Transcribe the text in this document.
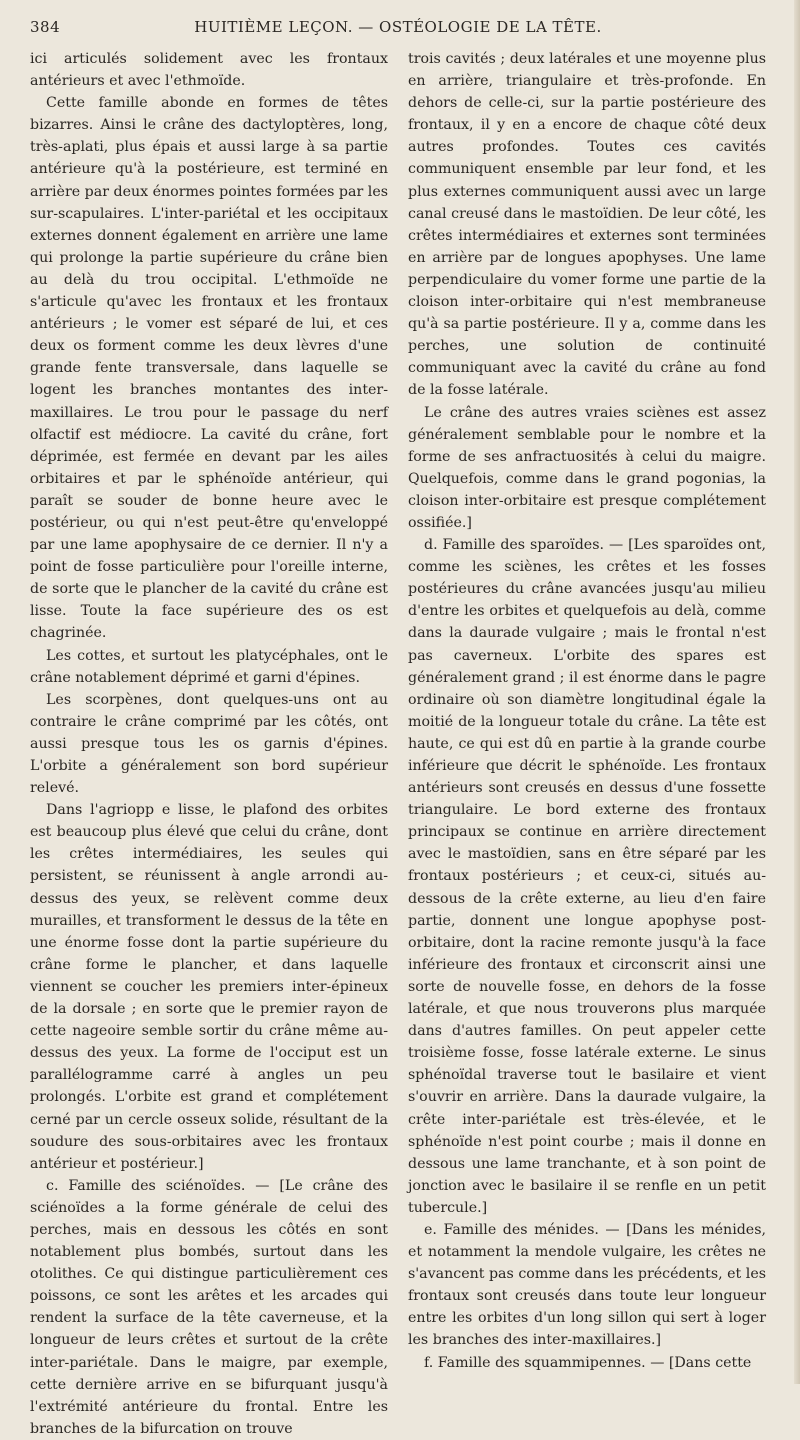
384	HUITIÈME LEÇON. — OSTÉOLOGIE DE LA TÊTE.

ici articulés solidement avec les frontaux antérieurs et avec l'ethmoïde.

Cette famille abonde en formes de têtes bizarres. Ainsi le crâne des dactyloptères, long, très-aplati, plus épais et aussi large à sa partie antérieure qu'à la postérieure, est terminé en arrière par deux énormes pointes formées par les sur-scapulaires. L'inter-pariétal et les occipitaux externes donnent également en arrière une lame qui prolonge la partie supérieure du crâne bien au delà du trou occipital. L'ethmoïde ne s'articule qu'avec les frontaux et les frontaux antérieurs ; le vomer est séparé de lui, et ces deux os forment comme les deux lèvres d'une grande fente transversale, dans laquelle se logent les branches montantes des inter-maxillaires. Le trou pour le passage du nerf olfactif est médiocre. La cavité du crâne, fort déprimée, est fermée en devant par les ailes orbitaires et par le sphénoïde antérieur, qui paraît se souder de bonne heure avec le postérieur, ou qui n'est peut-être qu'enveloppé par une lame apophysaire de ce dernier. Il n'y a point de fosse particulière pour l'oreille interne, de sorte que le plancher de la cavité du crâne est lisse. Toute la face supérieure des os est chagrinée.

Les cottes, et surtout les platycéphales, ont le crâne notablement déprimé et garni d'épines.

Les scorpènes, dont quelques-uns ont au contraire le crâne comprimé par les côtés, ont aussi presque tous les os garnis d'épines. L'orbite a généralement son bord supérieur relevé.

Dans l'agriopp e lisse, le plafond des orbites est beaucoup plus élevé que celui du crâne, dont les crêtes intermédiaires, les seules qui persistent, se réunissent à angle arrondi au-dessus des yeux, se relèvent comme deux murailles, et transforment le dessus de la tête en une énorme fosse dont la partie supérieure du crâne forme le plancher, et dans laquelle viennent se coucher les premiers inter-épineux de la dorsale ; en sorte que le premier rayon de cette nageoire semble sortir du crâne même au-dessus des yeux. La forme de l'occiput est un parallélogramme carré à angles un peu prolongés. L'orbite est grand et complétement cerné par un cercle osseux solide, résultant de la soudure des sous-orbitaires avec les frontaux antérieur et postérieur.]

c. Famille des sciénoïdes. — [Le crâne des sciénoïdes a la forme générale de celui des perches, mais en dessous les côtés en sont notablement plus bombés, surtout dans les otolithes. Ce qui distingue particulièrement ces poissons, ce sont les arêtes et les arcades qui rendent la surface de la tête caverneuse, et la longueur de leurs crêtes et surtout de la crête inter-pariétale. Dans le maigre, par exemple, cette dernière arrive en se bifurquant jusqu'à l'extrémité antérieure du frontal. Entre les branches de la bifurcation on trouve

trois cavités ; deux latérales et une moyenne plus en arrière, triangulaire et très-profonde. En dehors de celle-ci, sur la partie postérieure des frontaux, il y en a encore de chaque côté deux autres profondes. Toutes ces cavités communiquent ensemble par leur fond, et les plus externes communiquent aussi avec un large canal creusé dans le mastoïdien. De leur côté, les crêtes intermédiaires et externes sont terminées en arrière par de longues apophyses. Une lame perpendiculaire du vomer forme une partie de la cloison inter-orbitaire qui n'est membraneuse qu'à sa partie postérieure. Il y a, comme dans les perches, une solution de continuité communiquant avec la cavité du crâne au fond de la fosse latérale.

Le crâne des autres vraies sciènes est assez généralement semblable pour le nombre et la forme de ses anfractuosités à celui du maigre. Quelquefois, comme dans le grand pogonias, la cloison inter-orbitaire est presque complétement ossifiée.]

d. Famille des sparoïdes. — [Les sparoïdes ont, comme les sciènes, les crêtes et les fosses postérieures du crâne avancées jusqu'au milieu d'entre les orbites et quelquefois au delà, comme dans la daurade vulgaire ; mais le frontal n'est pas caverneux. L'orbite des spares est généralement grand ; il est énorme dans le pagre ordinaire où son diamètre longitudinal égale la moitié de la longueur totale du crâne. La tête est haute, ce qui est dû en partie à la grande courbe inférieure que décrit le sphénoïde. Les frontaux antérieurs sont creusés en dessus d'une fossette triangulaire. Le bord externe des frontaux principaux se continue en arrière directement avec le mastoïdien, sans en être séparé par les frontaux postérieurs ; et ceux-ci, situés au-dessous de la crête externe, au lieu d'en faire partie, donnent une longue apophyse post-orbitaire, dont la racine remonte jusqu'à la face inférieure des frontaux et circonscrit ainsi une sorte de nouvelle fosse, en dehors de la fosse latérale, et que nous trouverons plus marquée dans d'autres familles. On peut appeler cette troisième fosse, fosse latérale externe. Le sinus sphénoïdal traverse tout le basilaire et vient s'ouvrir en arrière. Dans la daurade vulgaire, la crête inter-pariétale est très-élevée, et le sphénoïde n'est point courbe ; mais il donne en dessous une lame tranchante, et à son point de jonction avec le basilaire il se renfle en un petit tubercule.]

e. Famille des ménides. — [Dans les ménides, et notamment la mendole vulgaire, les crêtes ne s'avancent pas comme dans les précédents, et les frontaux sont creusés dans toute leur longueur entre les orbites d'un long sillon qui sert à loger les branches des inter-maxillaires.]

f. Famille des squammipennes. — [Dans cette
